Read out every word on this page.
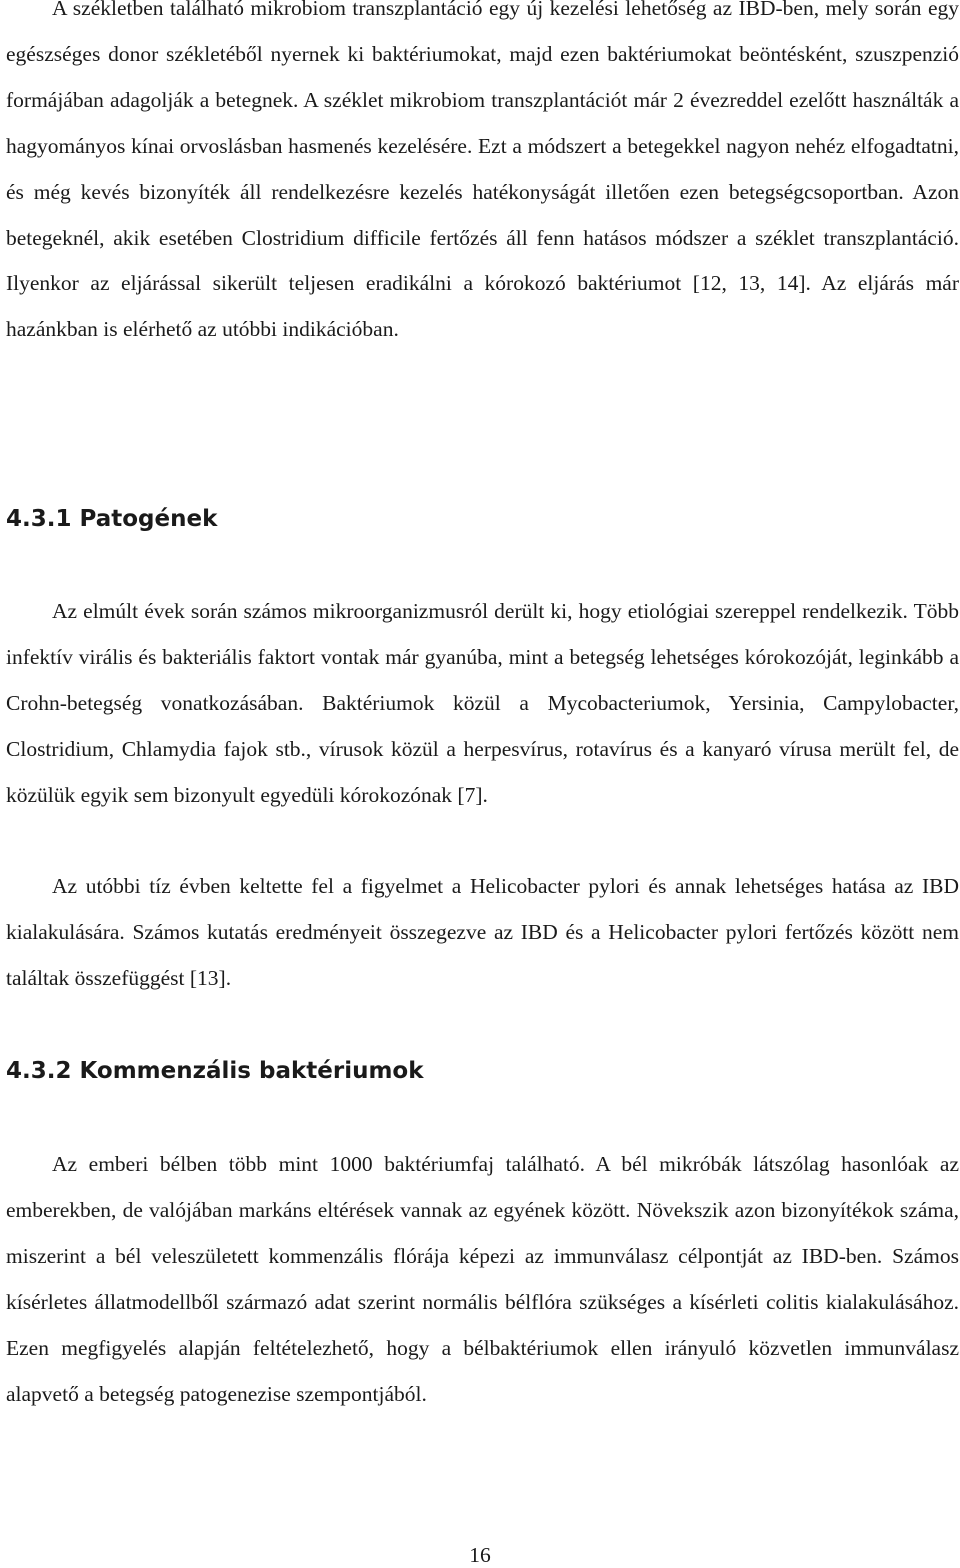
A székletben található mikrobiom transzplantáció egy új kezelési lehetőség az IBD-ben, mely során egy egészséges donor székletéből nyernek ki baktériumokat, majd ezen baktériumokat beöntésként, szuszpenzió formájában adagolják a betegnek. A széklet mikrobiom transzplantációt már 2 évezreddel ezelőtt használták a hagyományos kínai orvoslásban hasmenés kezelésére. Ezt a módszert a betegekkel nagyon nehéz elfogadtatni, és még kevés bizonyíték áll rendelkezésre kezelés hatékonyságát illetően ezen betegségcsoportban. Azon betegeknél, akik esetében Clostridium difficile fertőzés áll fenn hatásos módszer a széklet transzplantáció. Ilyenkor az eljárással sikerült teljesen eradikálni a kórokozó baktériumot [12, 13, 14]. Az eljárás már hazánkban is elérhető az utóbbi indikációban.

4.3.1 Patogének

Az elmúlt évek során számos mikroorganizmusról derült ki, hogy etiológiai szereppel rendelkezik. Több infektív virális és bakteriális faktort vontak már gyanúba, mint a betegség lehetséges kórokozóját, leginkább a Crohn-betegség vonatkozásában. Baktériumok közül a Mycobacteriumok, Yersinia, Campylobacter, Clostridium, Chlamydia fajok stb., vírusok közül a herpesvírus, rotavírus és a kanyaró vírusa merült fel, de közülük egyik sem bizonyult egyedüli kórokozónak [7].

Az utóbbi tíz évben keltette fel a figyelmet a Helicobacter pylori és annak lehetséges hatása az IBD kialakulására. Számos kutatás eredményeit összegezve az IBD és a Helicobacter pylori fertőzés között nem találtak összefüggést [13].

4.3.2 Kommenzális baktériumok

Az emberi bélben több mint 1000 baktériumfaj található. A bél mikróbák látszólag hasonlóak az emberekben, de valójában markáns eltérések vannak az egyének között. Növekszik azon bizonyítékok száma, miszerint a bél veleszületett kommenzális flórája képezi az immunválasz célpontját az IBD-ben. Számos kísérletes állatmodellből származó adat szerint normális bélflóra szükséges a kísérleti colitis kialakulásához. Ezen megfigyelés alapján feltételezhető, hogy a bélbaktériumok ellen irányuló közvetlen immunválasz alapvető a betegség patogenezise szempontjából.

16
